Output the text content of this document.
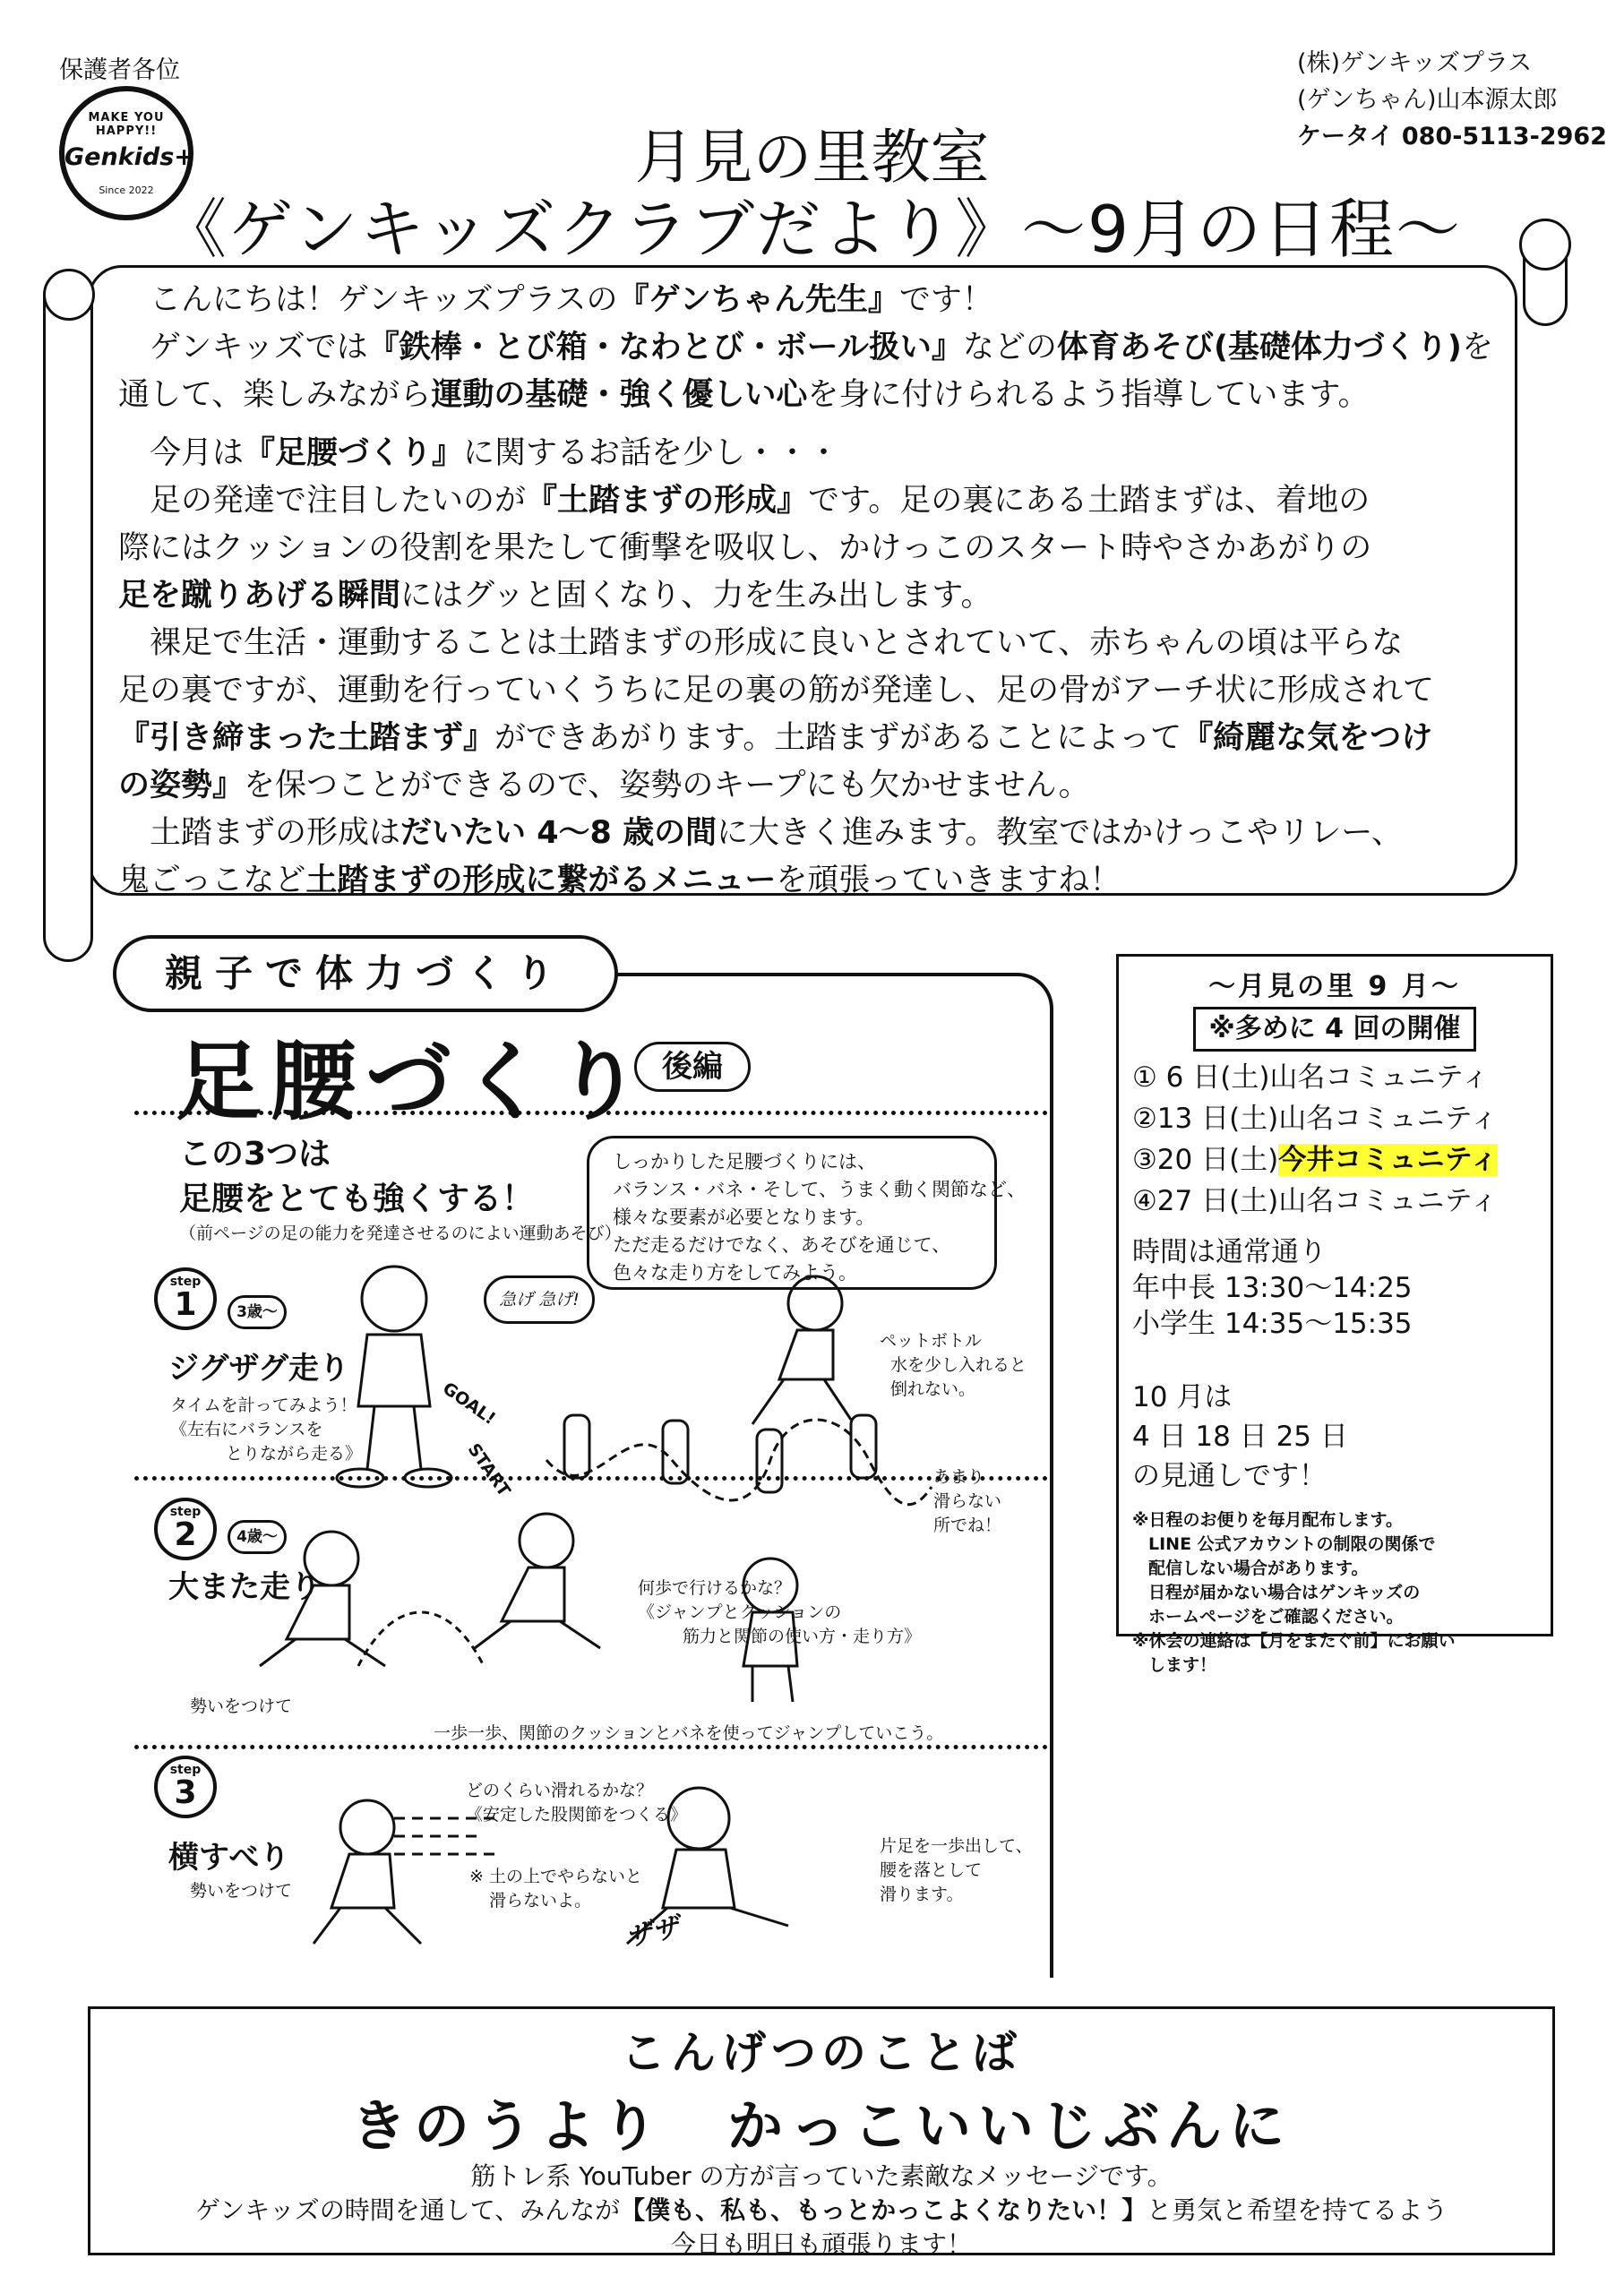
保護者各位	(株)ゲンキッズプラス
(ゲンちゃん)山本源太郎
ケータイ 080-5113-2962
MAKE YOU HAPPY!!
Genkids+
Since 2022	月見の里教室
《ゲンキッズクラブだより》～9月の日程～
 こんにちは！ゲンキッズプラスの『ゲンちゃん先生』です！
 ゲンキッズでは『鉄棒・とび箱・なわとび・ボール扱い』などの体育あそび(基礎体力づくり)を
通して、楽しみながら運動の基礎・強く優しい心を身に付けられるよう指導しています。
 今月は『足腰づくり』に関するお話を少し・・・
 足の発達で注目したいのが『土踏まずの形成』です。足の裏にある土踏まずは、着地の
際にはクッションの役割を果たして衝撃を吸収し、かけっこのスタート時やさかあがりの
足を蹴りあげる瞬間にはグッと固くなり、力を生み出します。
 裸足で生活・運動することは土踏まずの形成に良いとされていて、赤ちゃんの頃は平らな
足の裏ですが、運動を行っていくうちに足の裏の筋が発達し、足の骨がアーチ状に形成されて
『引き締まった土踏まず』ができあがります。土踏まずがあることによって『綺麗な気をつけ
の姿勢』を保つことができるので、姿勢のキープにも欠かせません。
 土踏まずの形成はだいたい 4～8 歳の間に大きく進みます。教室ではかけっこやリレー、
鬼ごっこなど土踏まずの形成に繋がるメニューを頑張っていきますね！
親子で体力づくり
足腰づくり 後編
この3つは
足腰をとても強くする！
（前ページの足の能力を発達させるのによい運動あそび）
しっかりした足腰づくりには、
バランス・バネ・そして、うまく動く関節など、
様々な要素が必要となります。
ただ走るだけでなく、あそびを通じて、
色々な走り方をしてみよう。
step
1	3歳～
ジグザグ走り
タイムを計ってみよう！
《左右にバランスを
とりながら走る》
急げ 急げ!
GOAL!
START
ペットボトル
水を少し入れると
倒れない。
あまり
滑らない
所でね！
step
2	4歳～
大また走り
勢いをつけて
何歩で行けるかな？
《ジャンプとクッションの
筋力と関節の使い方・走り方》
一歩一歩、関節のクッションとバネを使ってジャンプしていこう。
step
3
横すべり
勢いをつけて
どのくらい滑れるかな？
《安定した股関節をつくる》
※ 土の上でやらないと
滑らないよ。
片足を一歩出して、
腰を落として
滑ります。
ザザ
～月見の里 9 月～
※多めに 4 回の開催
① 6 日(土)山名コミュニティ
②13 日(土)山名コミュニティ
③20 日(土)今井コミュニティ
④27 日(土)山名コミュニティ
時間は通常通り
年中長 13:30～14:25
小学生 14:35～15:35
10 月は
4 日 18 日 25 日
の見通しです！
※日程のお便りを毎月配布します。
LINE 公式アカウントの制限の関係で
配信しない場合があります。
日程が届かない場合はゲンキッズの
ホームページをご確認ください。
※休会の連絡は【月をまたぐ前】にお願い
します！
こんげつのことば
きのうより　かっこいいじぶんに
筋トレ系 YouTuber の方が言っていた素敵なメッセージです。
ゲンキッズの時間を通して、みんなが【僕も、私も、もっとかっこよくなりたい！】と勇気と希望を持てるよう
今日も明日も頑張ります！
